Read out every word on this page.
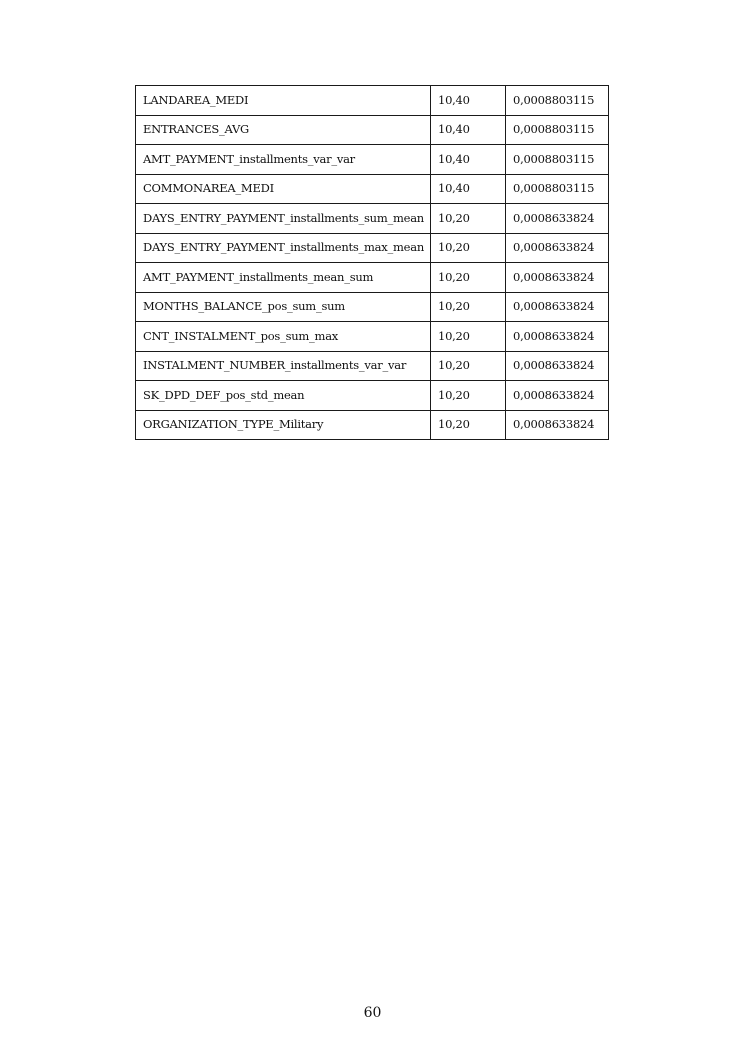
LANDAREA_MEDI	10,40	0,0008803115
ENTRANCES_AVG	10,40	0,0008803115
AMT_PAYMENT_installments_var_var	10,40	0,0008803115
COMMONAREA_MEDI	10,40	0,0008803115
DAYS_ENTRY_PAYMENT_installments_sum_mean	10,20	0,0008633824
DAYS_ENTRY_PAYMENT_installments_max_mean	10,20	0,0008633824
AMT_PAYMENT_installments_mean_sum	10,20	0,0008633824
MONTHS_BALANCE_pos_sum_sum	10,20	0,0008633824
CNT_INSTALMENT_pos_sum_max	10,20	0,0008633824
INSTALMENT_NUMBER_installments_var_var	10,20	0,0008633824
SK_DPD_DEF_pos_std_mean	10,20	0,0008633824
ORGANIZATION_TYPE_Military	10,20	0,0008633824
60
